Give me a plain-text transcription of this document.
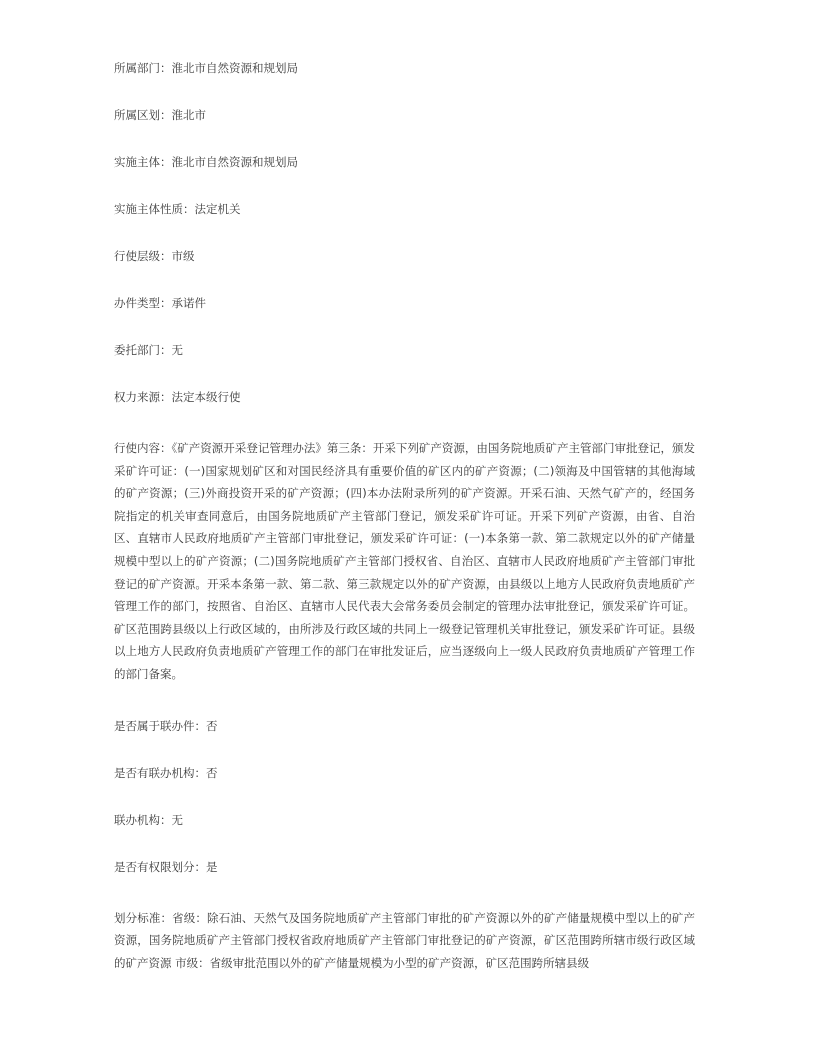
所属部门：淮北市自然资源和规划局
所属区划：淮北市
实施主体：淮北市自然资源和规划局
实施主体性质：法定机关
行使层级：市级
办件类型：承诺件
委托部门：无
权力来源：法定本级行使
行使内容：《矿产资源开采登记管理办法》第三条：开采下列矿产资源，由国务院地质矿产主管部门审批登记，颁发采矿许可证：(一)国家规划矿区和对国民经济具有重要价值的矿区内的矿产资源；(二)领海及中国管辖的其他海域的矿产资源；(三)外商投资开采的矿产资源；(四)本办法附录所列的矿产资源。开采石油、天然气矿产的，经国务院指定的机关审查同意后，由国务院地质矿产主管部门登记，颁发采矿许可证。开采下列矿产资源，由省、自治区、直辖市人民政府地质矿产主管部门审批登记，颁发采矿许可证：(一)本条第一款、第二款规定以外的矿产储量规模中型以上的矿产资源；(二)国务院地质矿产主管部门授权省、自治区、直辖市人民政府地质矿产主管部门审批登记的矿产资源。开采本条第一款、第二款、第三款规定以外的矿产资源，由县级以上地方人民政府负责地质矿产管理工作的部门，按照省、自治区、直辖市人民代表大会常务委员会制定的管理办法审批登记，颁发采矿许可证。矿区范围跨县级以上行政区域的，由所涉及行政区域的共同上一级登记管理机关审批登记，颁发采矿许可证。县级以上地方人民政府负责地质矿产管理工作的部门在审批发证后，应当逐级向上一级人民政府负责地质矿产管理工作的部门备案。
是否属于联办件：否
是否有联办机构：否
联办机构：无
是否有权限划分：是
划分标准：省级：除石油、天然气及国务院地质矿产主管部门审批的矿产资源以外的矿产储量规模中型以上的矿产资源，国务院地质矿产主管部门授权省政府地质矿产主管部门审批登记的矿产资源，矿区范围跨所辖市级行政区域的矿产资源 市级：省级审批范围以外的矿产储量规模为小型的矿产资源，矿区范围跨所辖县级
